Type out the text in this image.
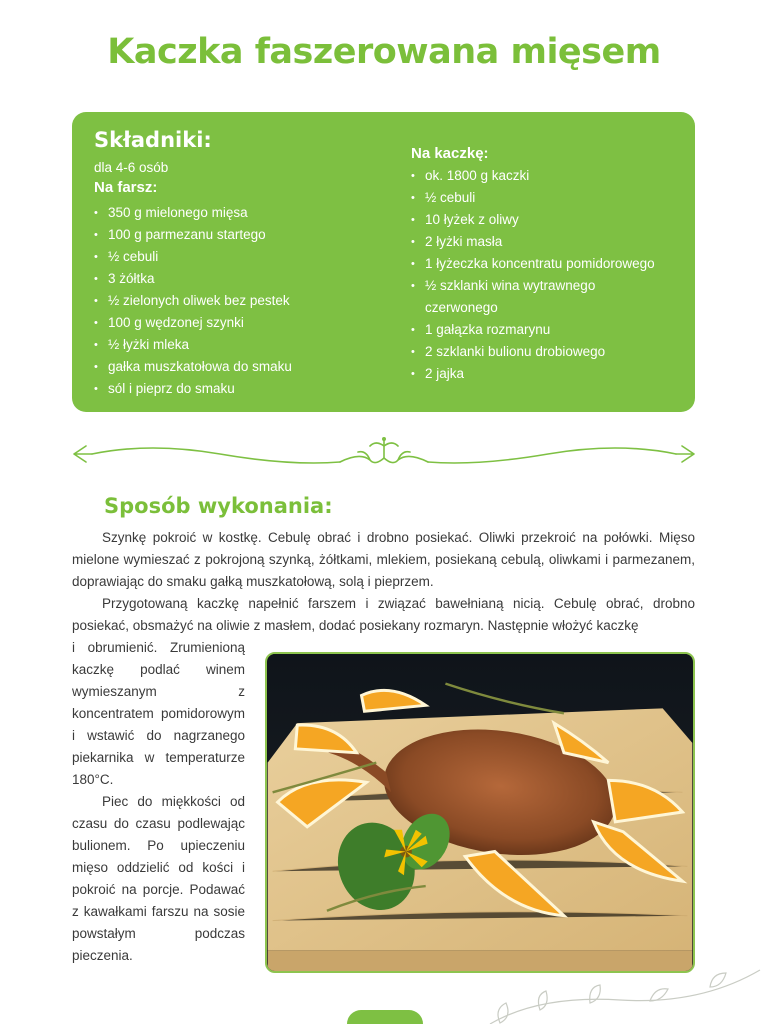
Kaczka faszerowana mięsem
Składniki:
dla 4-6 osób
Na farsz:
• 350 g mielonego mięsa
• 100 g parmezanu startego
• ½ cebuli
• 3 żółtka
• ½ zielonych oliwek bez pestek
• 100 g wędzonej szynki
• ½ łyżki mleka
• gałka muszkatołowa do smaku
• sól i pieprz do smaku
Na kaczkę:
• ok. 1800 g kaczki
• ½ cebuli
• 10 łyżek z oliwy
• 2 łyżki masła
• 1 łyżeczka koncentratu pomidorowego
• ½ szklanki wina wytrawnego
czerwonego
• 1 gałązka rozmarynu
• 2 szklanki bulionu drobiowego
• 2 jajka
Sposób wykonania:

Szynkę pokroić w kostkę. Cebulę obrać i drobno posiekać. Oliwki przekroić na połówki. Mięso mielone wymieszać z pokrojoną szynką, żółtkami, mlekiem, posiekaną cebulą, oliwkami i parmezanem, doprawiając do smaku gałką muszkatołową, solą i pieprzem.

Przygotowaną kaczkę napełnić farszem i związać bawełnianą nicią. Cebulę obrać, drobno posiekać, obsmażyć na oliwie z masłem, dodać posiekany rozmaryn. Następnie włożyć kaczkę

i obrumienić. Zrumienioną kaczkę podlać winem wymieszanym z koncentratem pomidorowym i wstawić do nagrzanego piekarnika w temperaturze 180°C.

Piec do miękkości od czasu do czasu podlewając bulionem. Po upieczeniu mięso oddzielić od kości i pokroić na porcje. Podawać z kawałkami farszu na sosie powstałym podczas pieczenia.
